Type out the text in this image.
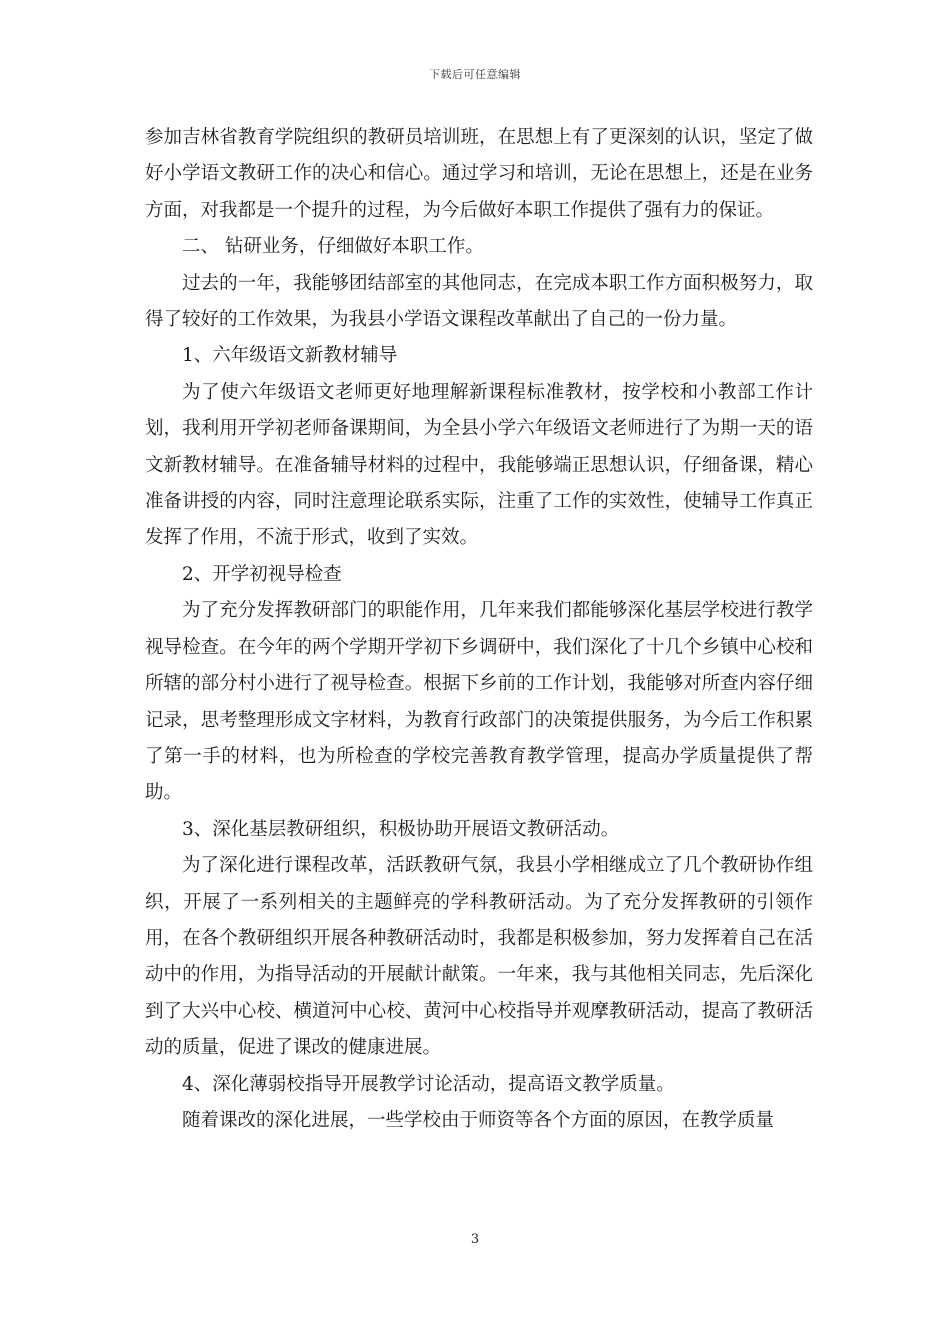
下载后可任意编辑

参加吉林省教育学院组织的教研员培训班，在思想上有了更深刻的认识，坚定了做好小学语文教研工作的决心和信心。通过学习和培训，无论在思想上，还是在业务方面，对我都是一个提升的过程，为今后做好本职工作提供了强有力的保证。

二、 钻研业务，仔细做好本职工作。

过去的一年，我能够团结部室的其他同志，在完成本职工作方面积极努力，取得了较好的工作效果，为我县小学语文课程改革献出了自己的一份力量。

1、六年级语文新教材辅导

为了使六年级语文老师更好地理解新课程标准教材，按学校和小教部工作计划，我利用开学初老师备课期间，为全县小学六年级语文老师进行了为期一天的语文新教材辅导。在准备辅导材料的过程中，我能够端正思想认识，仔细备课，精心准备讲授的内容，同时注意理论联系实际，注重了工作的实效性，使辅导工作真正发挥了作用，不流于形式，收到了实效。

2、开学初视导检查

为了充分发挥教研部门的职能作用，几年来我们都能够深化基层学校进行教学视导检查。在今年的两个学期开学初下乡调研中，我们深化了十几个乡镇中心校和所辖的部分村小进行了视导检查。根据下乡前的工作计划，我能够对所查内容仔细记录，思考整理形成文字材料，为教育行政部门的决策提供服务，为今后工作积累了第一手的材料，也为所检查的学校完善教育教学管理，提高办学质量提供了帮助。

3、深化基层教研组织，积极协助开展语文教研活动。

为了深化进行课程改革，活跃教研气氛，我县小学相继成立了几个教研协作组织，开展了一系列相关的主题鲜亮的学科教研活动。为了充分发挥教研的引领作用，在各个教研组织开展各种教研活动时，我都是积极参加，努力发挥着自己在活动中的作用，为指导活动的开展献计献策。一年来，我与其他相关同志，先后深化到了大兴中心校、横道河中心校、黄河中心校指导并观摩教研活动，提高了教研活动的质量，促进了课改的健康进展。

4、深化薄弱校指导开展教学讨论活动，提高语文教学质量。

随着课改的深化进展，一些学校由于师资等各个方面的原因，在教学质量

3
